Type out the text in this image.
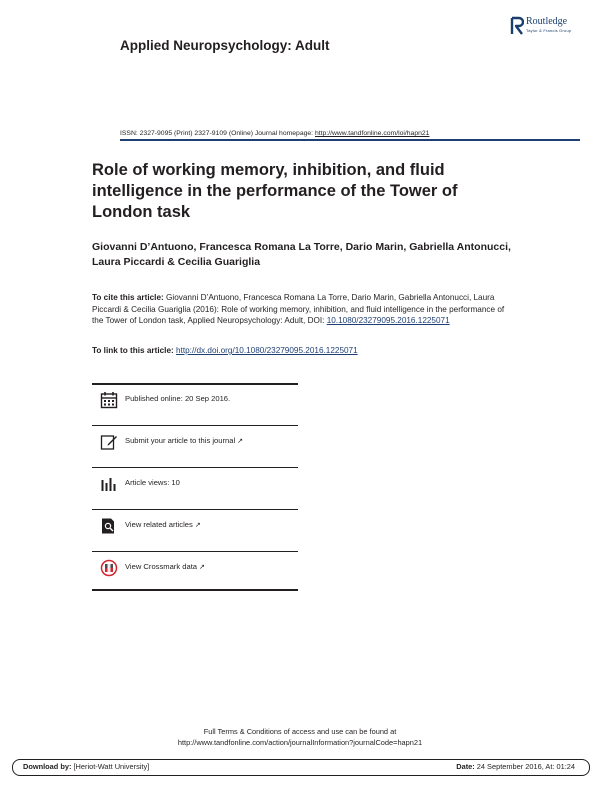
Applied Neuropsychology: Adult
Routledge
Taylor & Francis Group
ISSN: 2327-9095 (Print) 2327-9109 (Online) Journal homepage: http://www.tandfonline.com/loi/hapn21
Role of working memory, inhibition, and fluid intelligence in the performance of the Tower of London task
Giovanni D’Antuono, Francesca Romana La Torre, Dario Marin, Gabriella Antonucci, Laura Piccardi & Cecilia Guariglia
To cite this article: Giovanni D’Antuono, Francesca Romana La Torre, Dario Marin, Gabriella Antonucci, Laura Piccardi & Cecilia Guariglia (2016): Role of working memory, inhibition, and fluid intelligence in the performance of the Tower of London task, Applied Neuropsychology: Adult, DOI: 10.1080/23279095.2016.1225071
To link to this article: http://dx.doi.org/10.1080/23279095.2016.1225071
Published online: 20 Sep 2016.
Submit your article to this journal ↗
Article views: 10
View related articles ↗
View Crossmark data ↗
Full Terms & Conditions of access and use can be found at
http://www.tandfonline.com/action/journalInformation?journalCode=hapn21
Download by: [Heriot-Watt University]	Date: 24 September 2016, At: 01:24
